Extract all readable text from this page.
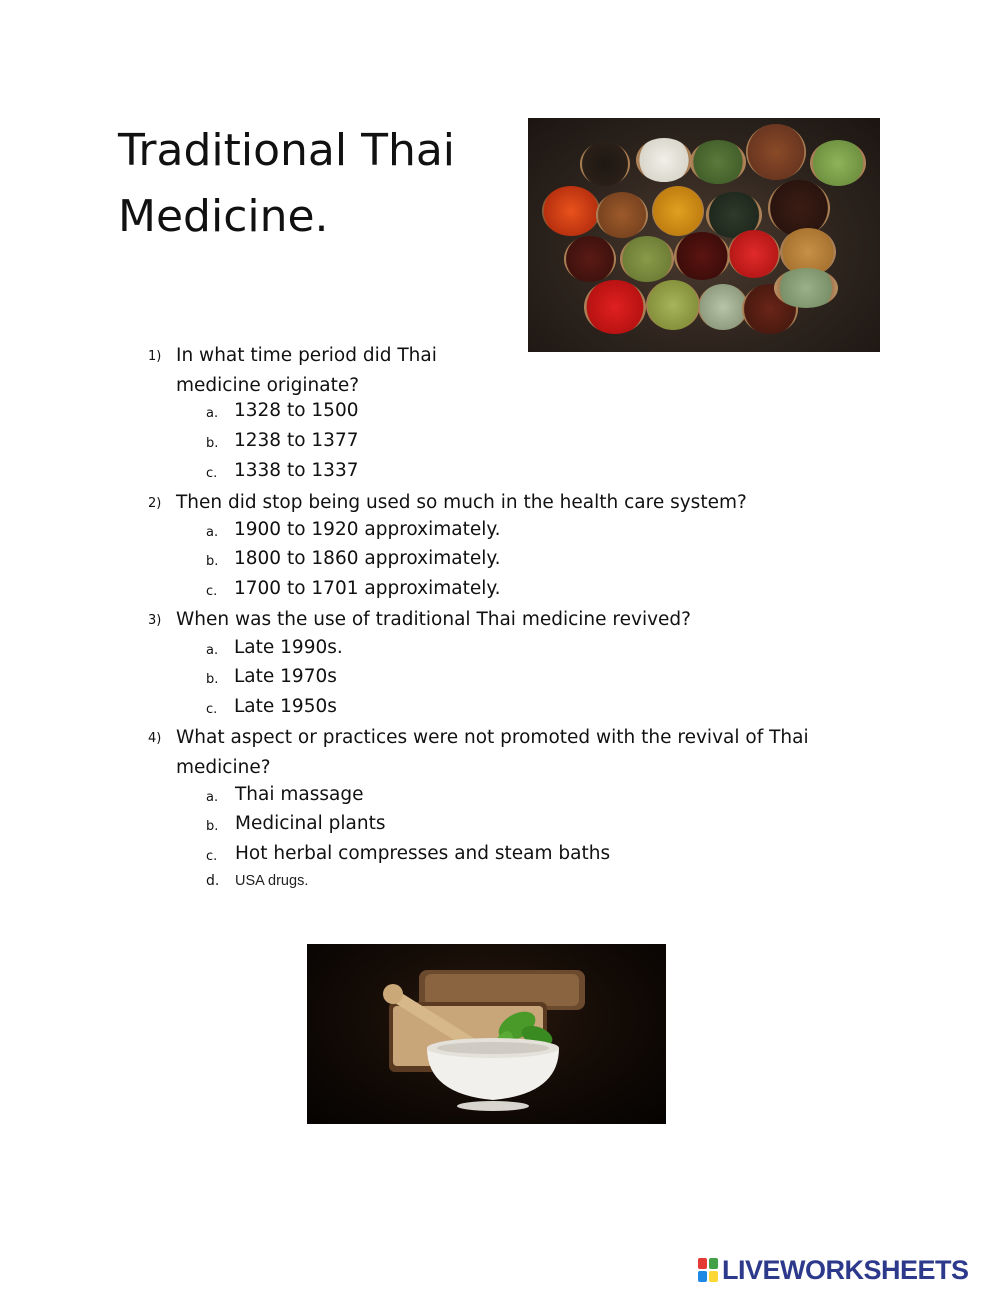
Traditional Thai
Medicine.
1) In what time period did Thai
medicine originate?
a. 1328 to 1500
b. 1238 to 1377
c. 1338 to 1337
2) Then did stop being used so much in the health care system?
a. 1900 to 1920 approximately.
b. 1800 to 1860 approximately.
c. 1700 to 1701 approximately.
3) When was the use of traditional Thai medicine revived?
a. Late 1990s.
b. Late 1970s
c. Late 1950s
4) What aspect or practices were not promoted with the revival of Thai
medicine?
a. Thai massage
b. Medicinal plants
c. Hot herbal compresses and steam baths
d. USA drugs.
LIVEWORKSHEETS
